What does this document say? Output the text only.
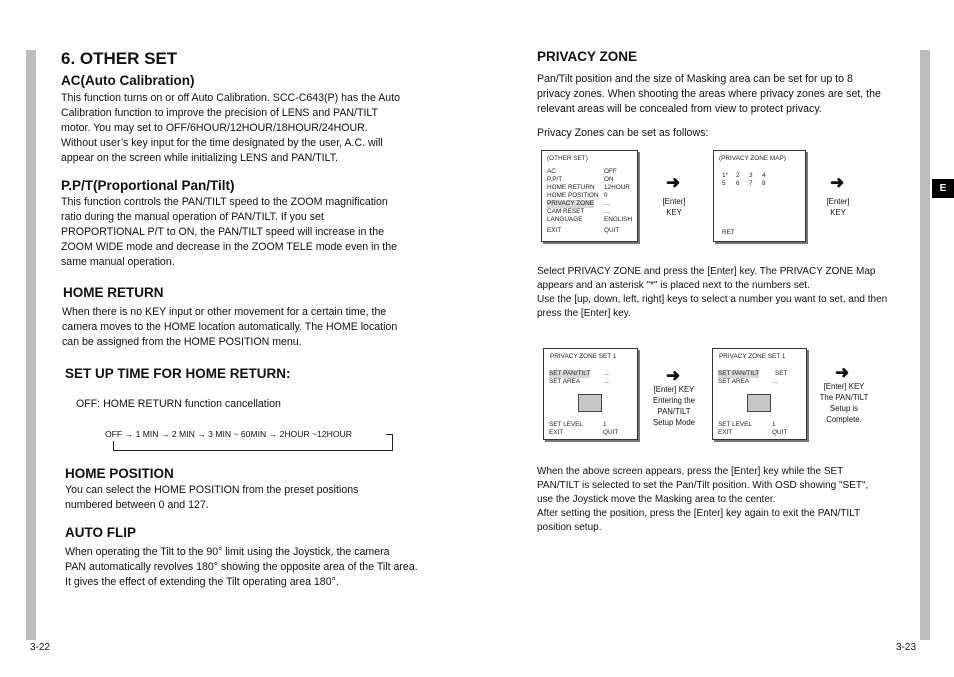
E
6. OTHER SET
AC(Auto Calibration)
This function turns on or off Auto Calibration. SCC-C643(P) has the Auto
Calibration function to improve the precision of LENS and PAN/TILT
motor. You may set to OFF/6HOUR/12HOUR/18HOUR/24HOUR.
Without user’s key input for the time designated by the user, A.C. will
appear on the screen while initializing LENS and PAN/TILT.
P.P/T(Proportional Pan/Tilt)
This function controls the PAN/TILT speed to the ZOOM magnification
ratio during the manual operation of PAN/TILT. If you set
PROPORTIONAL P/T to ON, the PAN/TILT speed will increase in the
ZOOM WIDE mode and decrease in the ZOOM TELE mode even in the
same manual operation.
HOME RETURN
When there is no KEY input or other movement for a certain time, the
camera moves to the HOME location automatically. The HOME location
can be assigned from the HOME POSITION menu.
SET UP TIME FOR HOME RETURN:
OFF: HOME RETURN function cancellation
OFF → 1 MIN → 2 MIN → 3 MIN ~ 60MIN → 2HOUR ~12HOUR
HOME POSITION
You can select the HOME POSITION from the preset positions
numbered between 0 and 127.
AUTO FLIP
When operating the Tilt to the 90° limit using the Joystick, the camera
PAN automatically revolves 180° showing the opposite area of the Tilt area.
It gives the effect of extending the Tilt operating area 180°.
3-22
PRIVACY ZONE
Pan/Tilt position and the size of Masking area can be set for up to 8
privacy zones. When shooting the areas where privacy zones are set, the
relevant areas will be concealed from view to protect privacy.
Privacy Zones can be set as follows:
(OTHER SET)
AC	OFF
P.P/T	ON
HOME RETURN 12HOUR
HOME POSITION 0
PRIVACY ZONE ...
CAM RESET	...
LANGUAGE	ENGLISH
EXIT	QUIT
➜
[Enter]
KEY
(PRIVACY ZONE MAP)
1* 2 3 4
5 6 7 8
RET
➜
[Enter]
KEY
Select PRIVACY ZONE and press the [Enter] key. The PRIVACY ZONE Map
appears and an asterisk "*" is placed next to the numbers set.
Use the [up, down, left, right] keys to select a number you want to set, and then
press the [Enter] key.
PRIVACY ZONE SET 1
SET PAN/TILT ...
SET AREA	...
SET LEVEL	1
EXIT	QUIT
➜
[Enter] KEY
Entering the
PAN/TILT
Setup Mode
PRIVACY ZONE SET 1
SET PAN/TILT SET
SET AREA	...
SET LEVEL	1
EXIT	QUIT
➜
[Enter] KEY
The PAN/TILT
Setup is
Complete.
When the above screen appears, press the [Enter] key while the SET
PAN/TILT is selected to set the Pan/Tilt position. With OSD showing "SET",
use the Joystick move the Masking area to the center.
After setting the position, press the [Enter] key again to exit the PAN/TILT
position setup.
3-23
